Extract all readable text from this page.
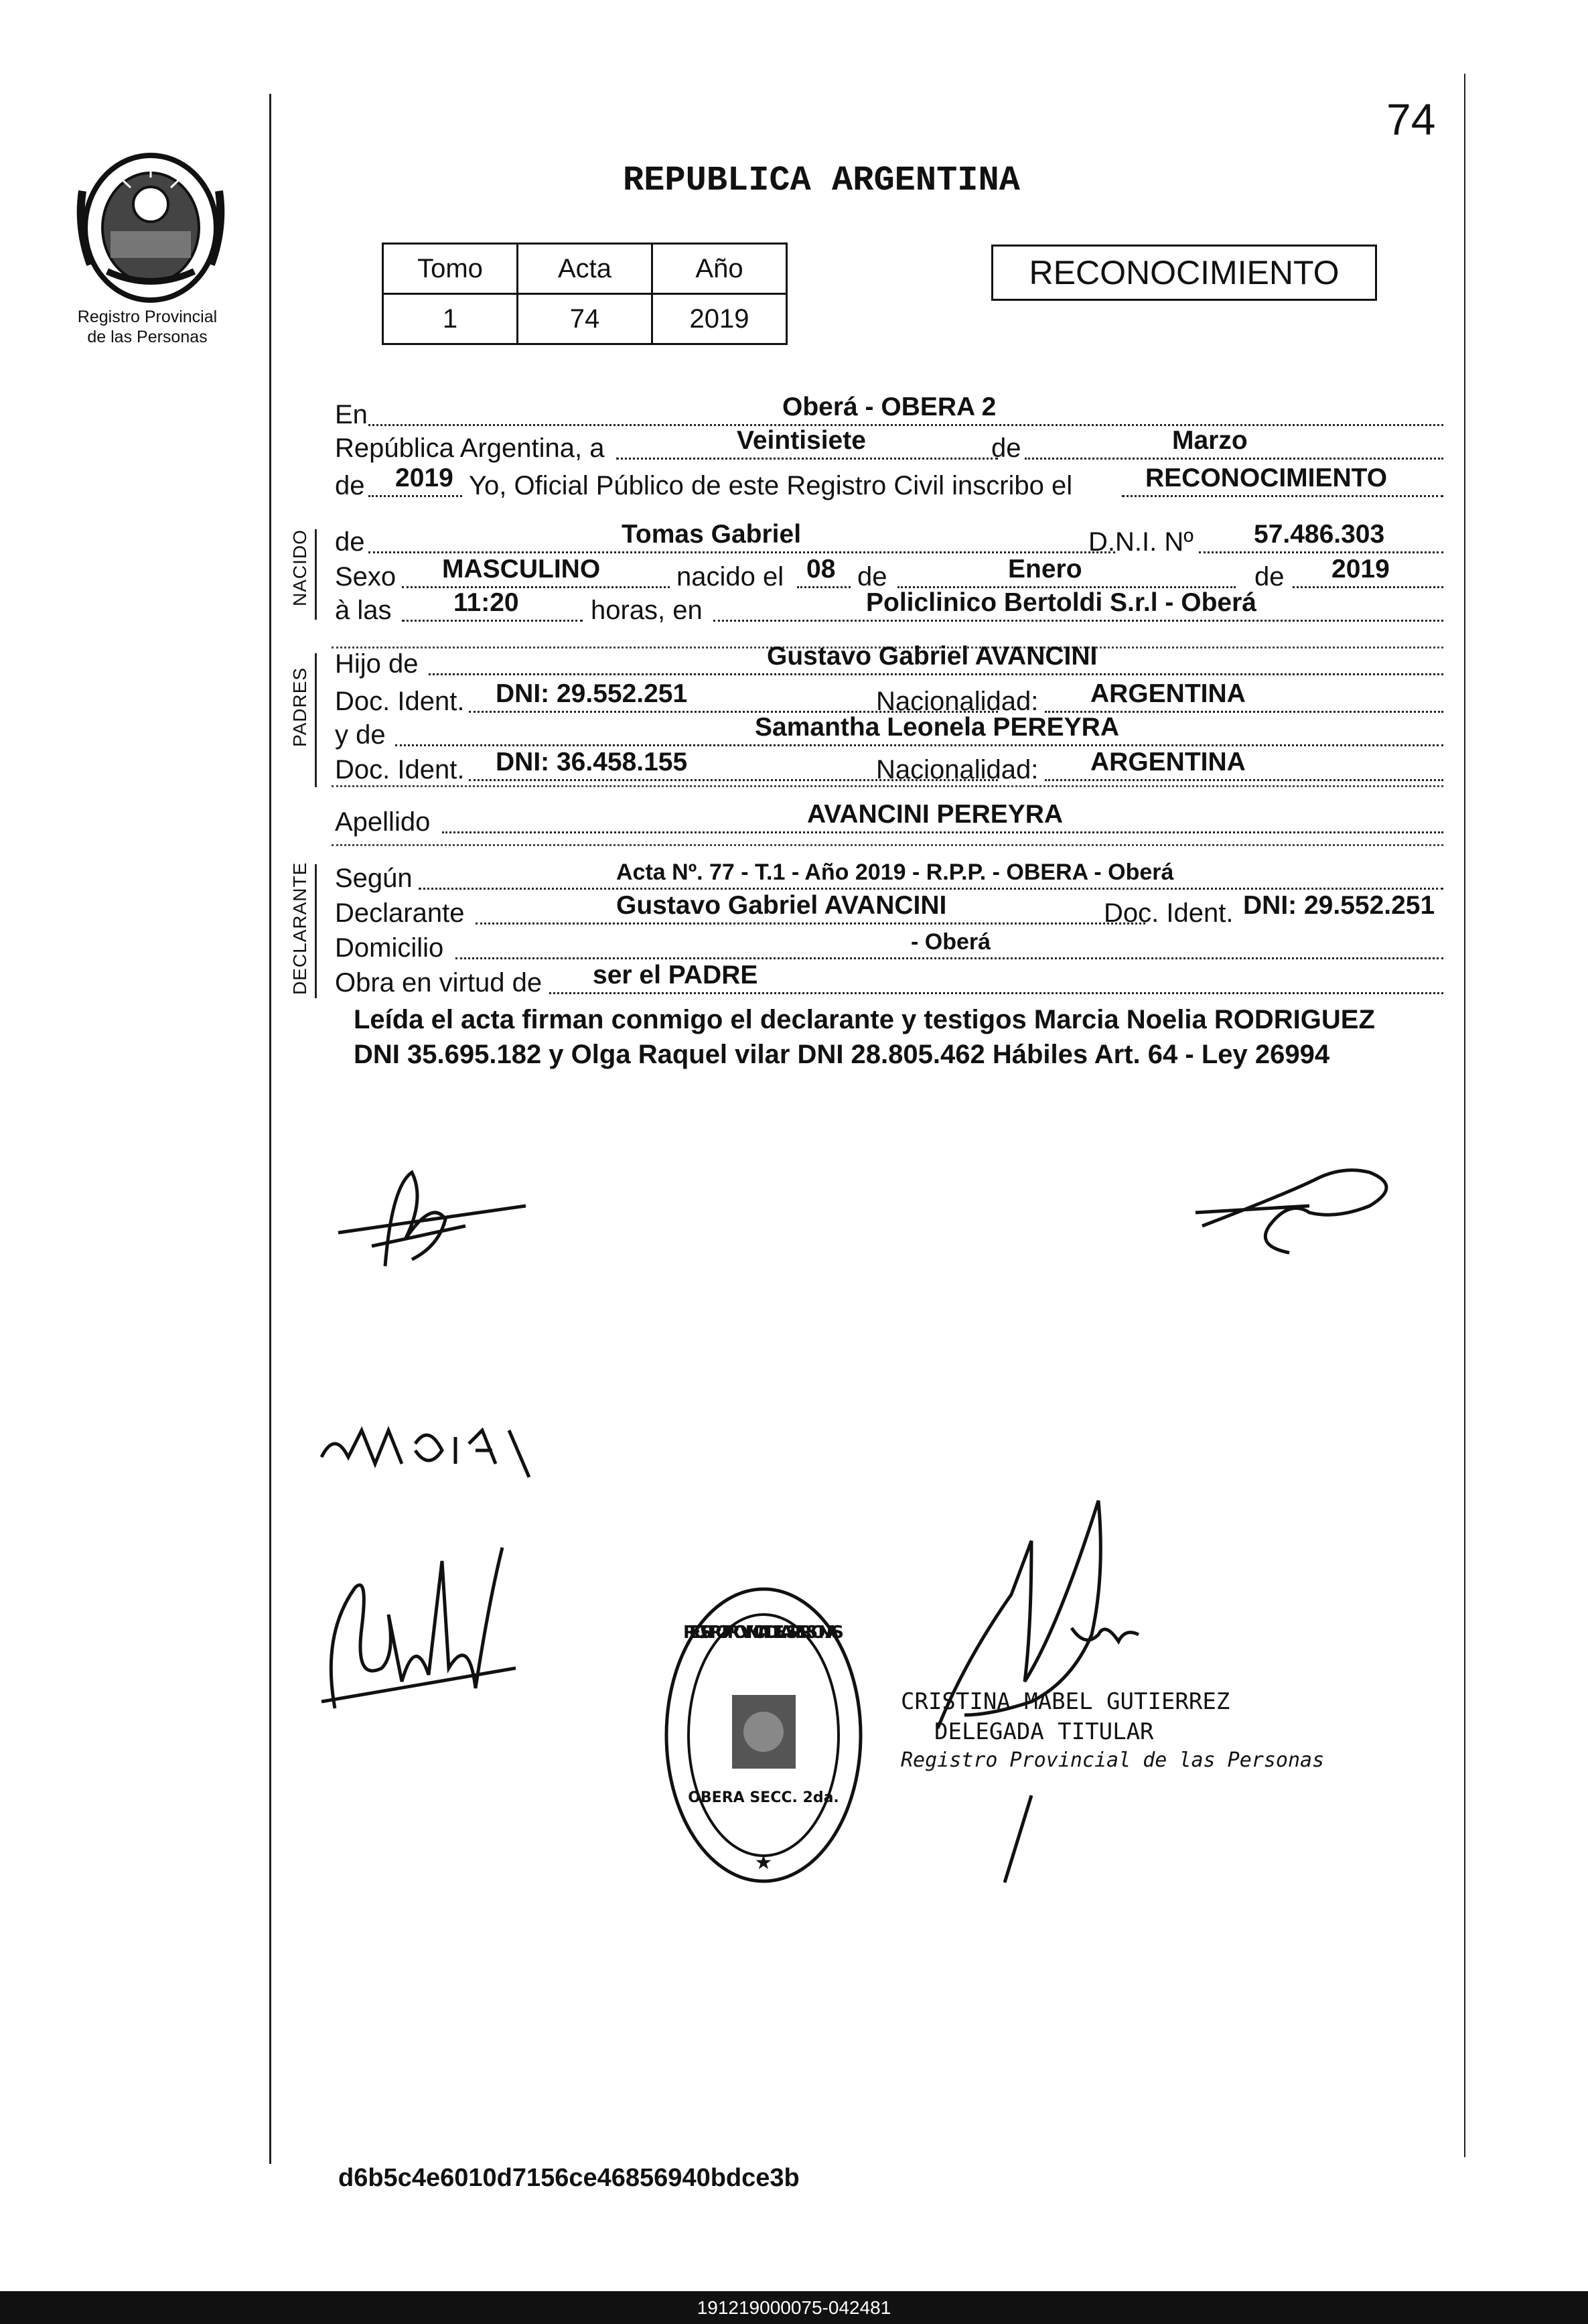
Registro Provincial
de las Personas
74
REPUBLICA ARGENTINA
Tomo	Acta	Año
1	74	2019
RECONOCIMIENTO
En	Oberá - OBERA 2
República Argentina, a	Veintisiete	de	Marzo
de 2019 Yo, Oficial Público de este Registro Civil inscribo el	RECONOCIMIENTO
NACIDO de	Tomas Gabriel	D.N.I. Nº 57.486.303
Sexo MASCULINO	nacido el 08 de	Enero	de 2019
à las 11:20	horas, en	Policlinico Bertoldi S.r.l - Oberá
PADRES
Hijo de	Gustavo Gabriel AVANCINI
Doc. Ident. DNI: 29.552.251	Nacionalidad: ARGENTINA
y de	Samantha Leonela PEREYRA
Doc. Ident. DNI: 36.458.155	Nacionalidad: ARGENTINA
Apellido	AVANCINI PEREYRA
DECLARANTE Según	Acta Nº. 77 - T.1 - Año 2019 - R.P.P. - OBERA - Oberá
Declarante	Gustavo Gabriel AVANCINI	Doc. Ident. DNI: 29.552.251
Domicilio	- Oberá
Obra en virtud de ser el PADRE
Leída el acta firman conmigo el declarante y testigos Marcia Noelia RODRIGUEZ
DNI 35.695.182 y Olga Raquel vilar DNI 28.805.462 Hábiles Art. 64 - Ley 26994
REGISTRO PROVINCIAL DE LAS PERSONAS
OBERA SECC. 2da.
★
CRISTINA MABEL GUTIERREZ
DELEGADA TITULAR
Registro Provincial de las Personas
d6b5c4e6010d7156ce46856940bdce3b
191219000075-042481
